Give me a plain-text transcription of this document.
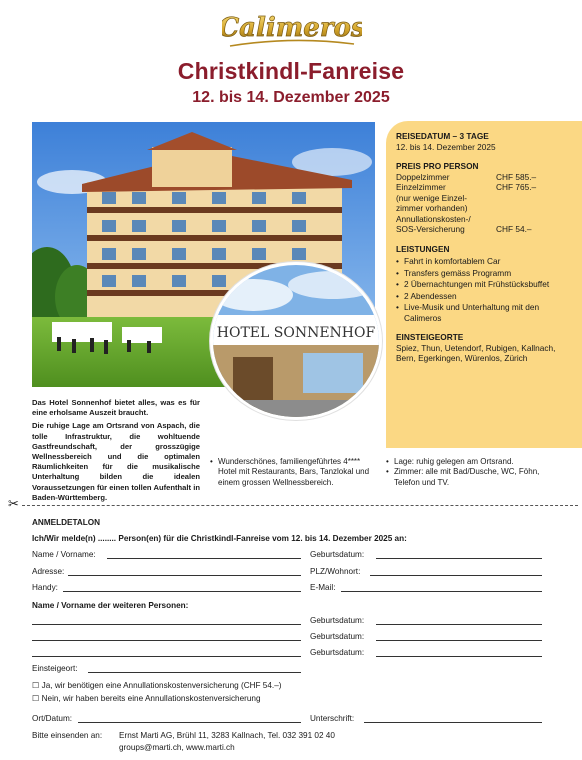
Calimeros
Christkindl-Fanreise
12. bis 14. Dezember 2025
HOTEL SONNENHOF
REISEDATUM – 3 TAGE
12. bis 14. Dezember 2025
PREIS PRO PERSON
Doppelzimmer	CHF 585.–
Einzelzimmer	CHF 765.–
(nur wenige Einzel-
zimmer vorhanden)
Annullationskosten-/
SOS-Versicherung	CHF 54.–
LEISTUNGEN
• Fahrt in komfortablem Car
• Transfers gemäss Programm
• 2 Übernachtungen mit Frühstücksbuffet
• 2 Abendessen
• Live-Musik und Unterhaltung mit den Calimeros
EINSTEIGEORTE
Spiez, Thun, Uetendorf, Rubigen, Kallnach, Bern, Egerkingen, Würenlos, Zürich

Das Hotel Sonnenhof bietet alles, was es für eine erholsame Auszeit braucht.

Die ruhige Lage am Ortsrand von Aspach, die tolle Infrastruktur, die wohltuende Gastfreundschaft, der grosszügige Wellnessbereich und die optimalen Räumlichkeiten für die musikalische Unterhaltung bilden die idealen Voraussetzungen für einen tollen Aufenthalt in Baden-Württemberg.

• Wunderschönes, familiengeführtes 4**** Hotel mit Restaurants, Bars, Tanzlokal und einem grossen Wellnessbereich.
• Lage: ruhig gelegen am Ortsrand.
• Zimmer: alle mit Bad/Dusche, WC, Föhn, Telefon und TV.
✂
ANMELDETALON
Ich/Wir melde(n) ........ Person(en) für die Christkindl-Fanreise vom 12. bis 14. Dezember 2025 an:
Name / Vorname:	Geburtsdatum:
Adresse:	PLZ/Wohnort:
Handy:	E-Mail:
Name / Vorname der weiteren Personen:
Geburtsdatum:
Geburtsdatum:
Geburtsdatum:
Einsteigeort:
☐ Ja, wir benötigen eine Annullationskostenversicherung (CHF 54.–)
☐ Nein, wir haben bereits eine Annullationskostenversicherung
Ort/Datum:	Unterschrift:
Bitte einsenden an: Ernst Marti AG, Brühl 11, 3283 Kallnach, Tel. 032 391 02 40
groups@marti.ch, www.marti.ch
